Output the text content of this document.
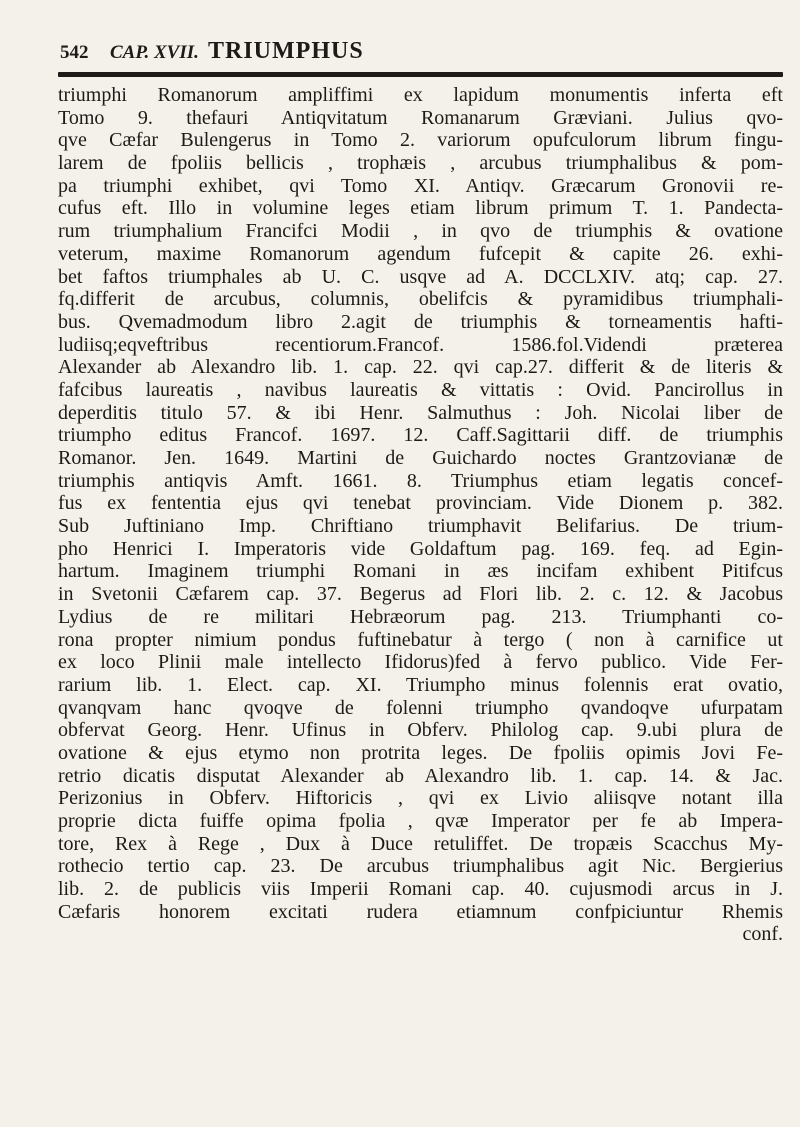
542	CAP. XVII. TRIUMPHUS
triumphi Romanorum ampliffimi ex lapidum monumentis inferta eft
Tomo 9. thefauri Antiqvitatum Romanarum Græviani. Julius qvo-
qve Cæfar Bulengerus in Tomo 2. variorum opufculorum librum fingu-
larem de fpoliis bellicis , trophæis , arcubus triumphalibus & pom-
pa triumphi exhibet, qvi Tomo XI. Antiqv. Græcarum Gronovii re-
cufus eft. Illo in volumine leges etiam librum primum T. 1. Pandecta-
rum triumphalium Francifci Modii , in qvo de triumphis & ovatione
veterum, maxime Romanorum agendum fufcepit & capite 26. exhi-
bet faftos triumphales ab U. C. usqve ad A. DCCLXIV. atq; cap. 27.
fq.differit de arcubus, columnis, obelifcis & pyramidibus triumphali-
bus. Qvemadmodum libro 2.agit de triumphis & torneamentis hafti-
ludiisq;eqveftribus recentiorum.Francof. 1586.fol.Videndi præterea
Alexander ab Alexandro lib. 1. cap. 22. qvi cap.27. differit & de literis &
fafcibus laureatis , navibus laureatis & vittatis : Ovid. Pancirollus in
deperditis titulo 57. & ibi Henr. Salmuthus : Joh. Nicolai liber de
triumpho editus Francof. 1697. 12. Caff.Sagittarii diff. de triumphis
Romanor. Jen. 1649. Martini de Guichardo noctes Grantzovianæ de
triumphis antiqvis Amft. 1661. 8. Triumphus etiam legatis concef-
fus ex fententia ejus qvi tenebat provinciam. Vide Dionem p. 382.
Sub Juftiniano Imp. Chriftiano triumphavit Belifarius. De trium-
pho Henrici I. Imperatoris vide Goldaftum pag. 169. feq. ad Egin-
hartum. Imaginem triumphi Romani in æs incifam exhibent Pitifcus
in Svetonii Cæfarem cap. 37. Begerus ad Flori lib. 2. c. 12. & Jacobus
Lydius de re militari Hebræorum pag. 213. Triumphanti co-
rona propter nimium pondus fuftinebatur à tergo ( non à carnifice ut
ex loco Plinii male intellecto Ifidorus)fed à fervo publico. Vide Fer-
rarium lib. 1. Elect. cap. XI. Triumpho minus folennis erat ovatio,
qvanqvam hanc qvoqve de folenni triumpho qvandoqve ufurpatam
obfervat Georg. Henr. Ufinus in Obferv. Philolog cap. 9.ubi plura de
ovatione & ejus etymo non protrita leges. De fpoliis opimis Jovi Fe-
retrio dicatis disputat Alexander ab Alexandro lib. 1. cap. 14. & Jac.
Perizonius in Obferv. Hiftoricis , qvi ex Livio aliisqve notant illa
proprie dicta fuiffe opima fpolia , qvæ Imperator per fe ab Impera-
tore, Rex à Rege , Dux à Duce retuliffet. De tropæis Scacchus My-
rothecio tertio cap. 23. De arcubus triumphalibus agit Nic. Bergierius
lib. 2. de publicis viis Imperii Romani cap. 40. cujusmodi arcus in J.
Cæfaris honorem excitati rudera etiamnum confpiciuntur Rhemis
conf.
